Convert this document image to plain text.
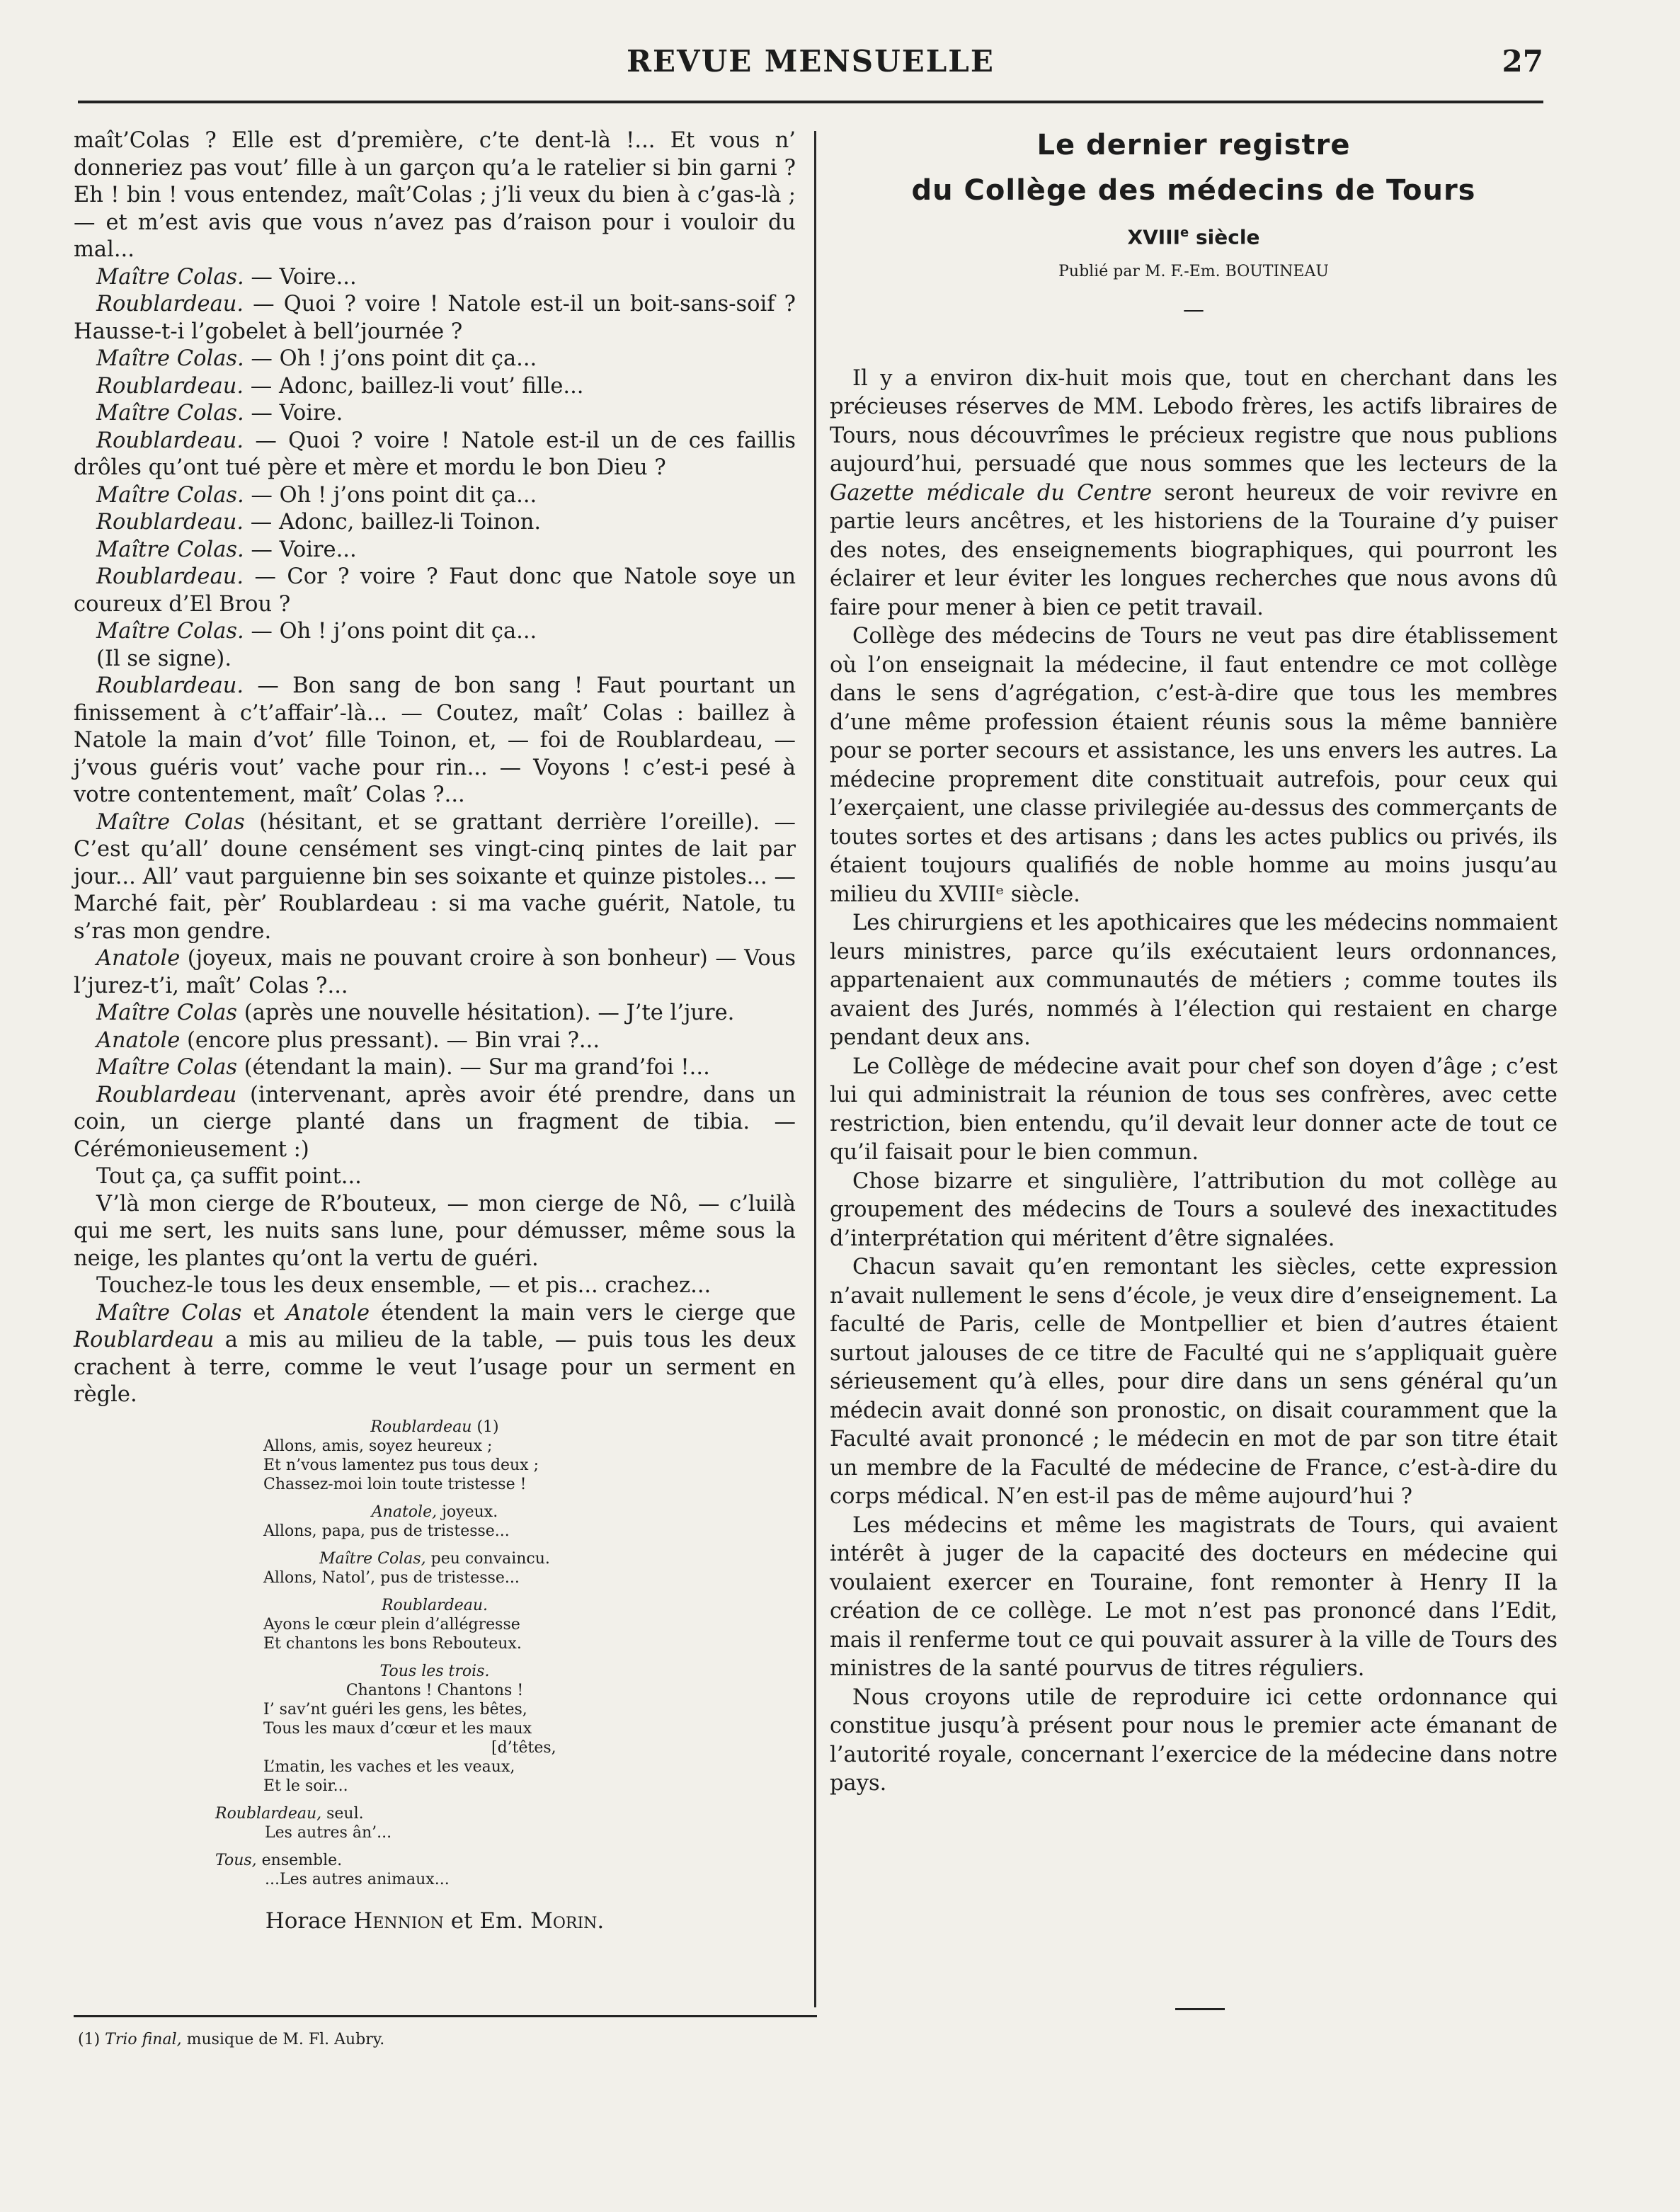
REVUE MENSUELLE	27

maît’Colas ? Elle est d’première, c’te dent-là !... Et vous n’ donneriez pas vout’ fille à un garçon qu’a le ratelier si bin garni ? Eh ! bin ! vous entendez, maît’Colas ; j’li veux du bien à c’gas-là ; — et m’est avis que vous n’avez pas d’raison pour i vouloir du mal...

Maître Colas. — Voire...

Roublardeau. — Quoi ? voire ! Natole est-il un boit-sans-soif ? Hausse-t-i l’gobelet à bell’journée ?

Maître Colas. — Oh ! j’ons point dit ça...

Roublardeau. — Adonc, baillez-li vout’ fille...

Maître Colas. — Voire.

Roublardeau. — Quoi ? voire ! Natole est-il un de ces faillis drôles qu’ont tué père et mère et mordu le bon Dieu ?

Maître Colas. — Oh ! j’ons point dit ça...

Roublardeau. — Adonc, baillez-li Toinon.

Maître Colas. — Voire...

Roublardeau. — Cor ? voire ? Faut donc que Natole soye un coureux d’El Brou ?

Maître Colas. — Oh ! j’ons point dit ça...

(Il se signe).

Roublardeau. — Bon sang de bon sang ! Faut pourtant un finissement à c’t’affair’-là... — Coutez, maît’ Colas : baillez à Natole la main d’vot’ fille Toinon, et, — foi de Roublardeau, — j’vous guéris vout’ vache pour rin... — Voyons ! c’est-i pesé à votre contentement, maît’ Colas ?...

Maître Colas (hésitant, et se grattant derrière l’oreille). — C’est qu’all’ doune censément ses vingt-cinq pintes de lait par jour... All’ vaut parguienne bin ses soixante et quinze pistoles... — Marché fait, pèr’ Roublardeau : si ma vache guérit, Natole, tu s’ras mon gendre.

Anatole (joyeux, mais ne pouvant croire à son bonheur) — Vous l’jurez-t’i, maît’ Colas ?...

Maître Colas (après une nouvelle hésitation). — J’te l’jure.

Anatole (encore plus pressant). — Bin vrai ?...

Maître Colas (étendant la main). — Sur ma grand’foi !...

Roublardeau (intervenant, après avoir été prendre, dans un coin, un cierge planté dans un fragment de tibia. — Cérémonieusement :)

Tout ça, ça suffit point...

V’là mon cierge de R’bouteux, — mon cierge de Nô, — c’luilà qui me sert, les nuits sans lune, pour démusser, même sous la neige, les plantes qu’ont la vertu de guéri.

Touchez-le tous les deux ensemble, — et pis... crachez...

Maître Colas et Anatole étendent la main vers le cierge que Roublardeau a mis au milieu de la table, — puis tous les deux crachent à terre, comme le veut l’usage pour un serment en règle.

Roublardeau (1)
Allons, amis, soyez heureux ;
Et n’vous lamentez pus tous deux ;
Chassez-moi loin toute tristesse !
Anatole, joyeux.
Allons, papa, pus de tristesse...
Maître Colas, peu convaincu.
Allons, Natol’, pus de tristesse...
Roublardeau.
Ayons le cœur plein d’allégresse
Et chantons les bons Rebouteux.
Tous les trois.
Chantons ! Chantons !
I’ sav’nt guéri les gens, les bêtes,
Tous les maux d’cœur et les maux
[d’têtes,
L’matin, les vaches et les veaux,
Et le soir...
Roublardeau, seul.
Les autres ân’...
Tous, ensemble.
...Les autres animaux...
Horace Hennion et Em. Morin.
(1) Trio final, musique de M. Fl. Aubry.
Le dernier registre
du Collège des médecins de Tours
XVIIIe siècle
Publié par M. F.-Em. BOUTINEAU
—

Il y a environ dix-huit mois que, tout en cherchant dans les précieuses réserves de MM. Lebodo frères, les actifs libraires de Tours, nous découvrîmes le précieux registre que nous publions aujourd’hui, persuadé que nous sommes que les lecteurs de la Gazette médicale du Centre seront heureux de voir revivre en partie leurs ancêtres, et les historiens de la Touraine d’y puiser des notes, des enseignements biographiques, qui pourront les éclairer et leur éviter les longues recherches que nous avons dû faire pour mener à bien ce petit travail.

Collège des médecins de Tours ne veut pas dire établissement où l’on enseignait la médecine, il faut entendre ce mot collège dans le sens d’agrégation, c’est-à-dire que tous les membres d’une même profession étaient réunis sous la même bannière pour se porter secours et assistance, les uns envers les autres. La médecine proprement dite constituait autrefois, pour ceux qui l’exerçaient, une classe privilegiée au-dessus des commerçants de toutes sortes et des artisans ; dans les actes publics ou privés, ils étaient toujours qualifiés de noble homme au moins jusqu’au milieu du XVIIIᵉ siècle.

Les chirurgiens et les apothicaires que les médecins nommaient leurs ministres, parce qu’ils exécutaient leurs ordonnances, appartenaient aux communautés de métiers ; comme toutes ils avaient des Jurés, nommés à l’élection qui restaient en charge pendant deux ans.

Le Collège de médecine avait pour chef son doyen d’âge ; c’est lui qui administrait la réunion de tous ses confrères, avec cette restriction, bien entendu, qu’il devait leur donner acte de tout ce qu’il faisait pour le bien commun.

Chose bizarre et singulière, l’attribution du mot collège au groupement des médecins de Tours a soulevé des inexactitudes d’interprétation qui méritent d’être signalées.

Chacun savait qu’en remontant les siècles, cette expression n’avait nullement le sens d’école, je veux dire d’enseignement. La faculté de Paris, celle de Montpellier et bien d’autres étaient surtout jalouses de ce titre de Faculté qui ne s’appliquait guère sérieusement qu’à elles, pour dire dans un sens général qu’un médecin avait donné son pronostic, on disait couramment que la Faculté avait prononcé ; le médecin en mot de par son titre était un membre de la Faculté de médecine de France, c’est-à-dire du corps médical. N’en est-il pas de même aujourd’hui ?

Les médecins et même les magistrats de Tours, qui avaient intérêt à juger de la capacité des docteurs en médecine qui voulaient exercer en Touraine, font remonter à Henry II la création de ce collège. Le mot n’est pas prononcé dans l’Edit, mais il renferme tout ce qui pouvait assurer à la ville de Tours des ministres de la santé pourvus de titres réguliers.

Nous croyons utile de reproduire ici cette ordonnance qui constitue jusqu’à présent pour nous le premier acte émanant de l’autorité royale, concernant l’exercice de la médecine dans notre pays.
